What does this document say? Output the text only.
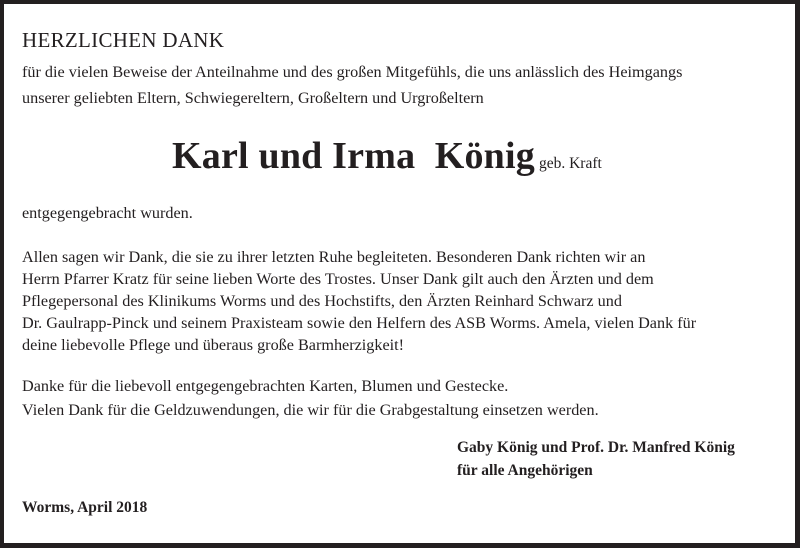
HERZLICHEN DANK
für die vielen Beweise der Anteilnahme und des großen Mitgefühls, die uns anlässlich des Heimgangs
unserer geliebten Eltern, Schwiegereltern, Großeltern und Urgroßeltern
Karl und Irma  König geb. Kraft
entgegengebracht wurden.
Allen sagen wir Dank, die sie zu ihrer letzten Ruhe begleiteten. Besonderen Dank richten wir an
Herrn Pfarrer Kratz für seine lieben Worte des Trostes. Unser Dank gilt auch den Ärzten und dem
Pflegepersonal des Klinikums Worms und des Hochstifts, den Ärzten Reinhard Schwarz und
Dr. Gaulrapp-Pinck und seinem Praxisteam sowie den Helfern des ASB Worms. Amela, vielen Dank für
deine liebevolle Pflege und überaus große Barmherzigkeit!
Danke für die liebevoll entgegengebrachten Karten, Blumen und Gestecke.
Vielen Dank für die Geldzuwendungen, die wir für die Grabgestaltung einsetzen werden.
Gaby König und Prof. Dr. Manfred König
für alle Angehörigen
Worms, April 2018
